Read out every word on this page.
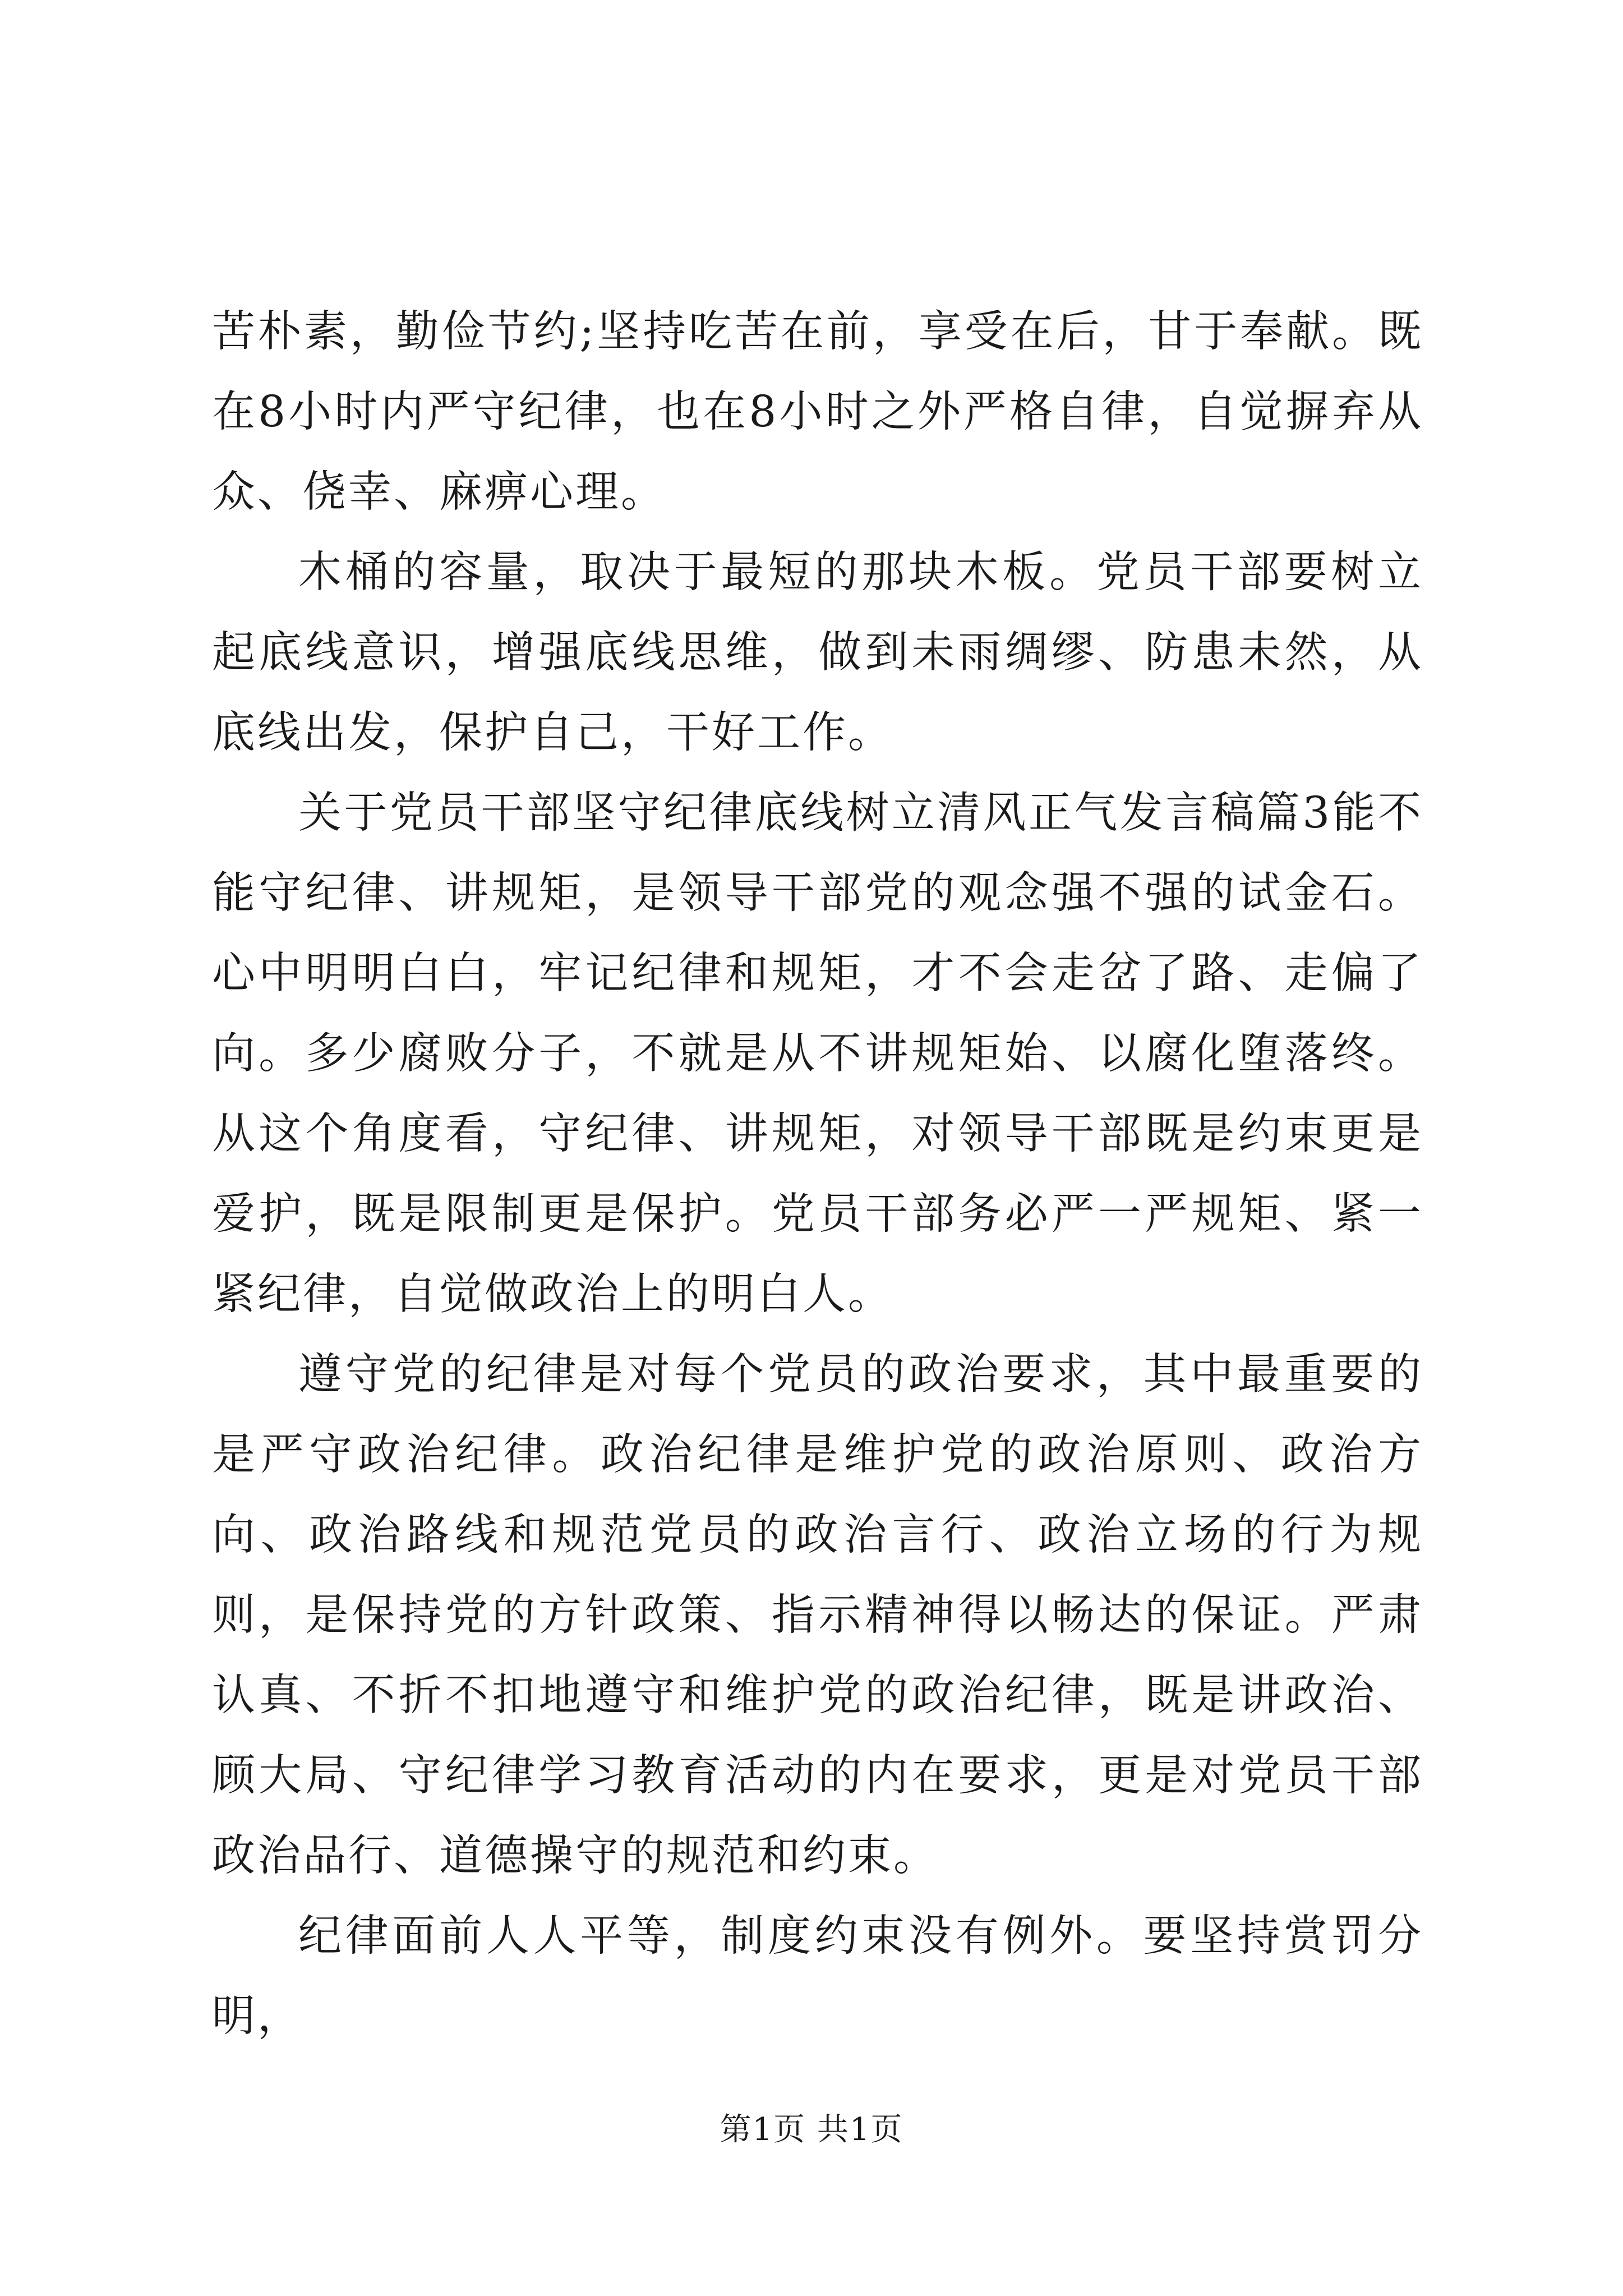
苦朴素，勤俭节约;坚持吃苦在前，享受在后，甘于奉献。既在8小时内严守纪律，也在8小时之外严格自律，自觉摒弃从众、侥幸、麻痹心理。

木桶的容量，取决于最短的那块木板。党员干部要树立起底线意识，增强底线思维，做到未雨绸缪、防患未然，从底线出发，保护自己，干好工作。

关于党员干部坚守纪律底线树立清风正气发言稿篇3能不能守纪律、讲规矩，是领导干部党的观念强不强的试金石。心中明明白白，牢记纪律和规矩，才不会走岔了路、走偏了向。多少腐败分子，不就是从不讲规矩始、以腐化堕落终。从这个角度看，守纪律、讲规矩，对领导干部既是约束更是爱护，既是限制更是保护。党员干部务必严一严规矩、紧一紧纪律，自觉做政治上的明白人。

遵守党的纪律是对每个党员的政治要求，其中最重要的是严守政治纪律。政治纪律是维护党的政治原则、政治方向、政治路线和规范党员的政治言行、政治立场的行为规则，是保持党的方针政策、指示精神得以畅达的保证。严肃认真、不折不扣地遵守和维护党的政治纪律，既是讲政治、顾大局、守纪律学习教育活动的内在要求，更是对党员干部政治品行、道德操守的规范和约束。

纪律面前人人平等，制度约束没有例外。要坚持赏罚分明，

第1页 共1页
